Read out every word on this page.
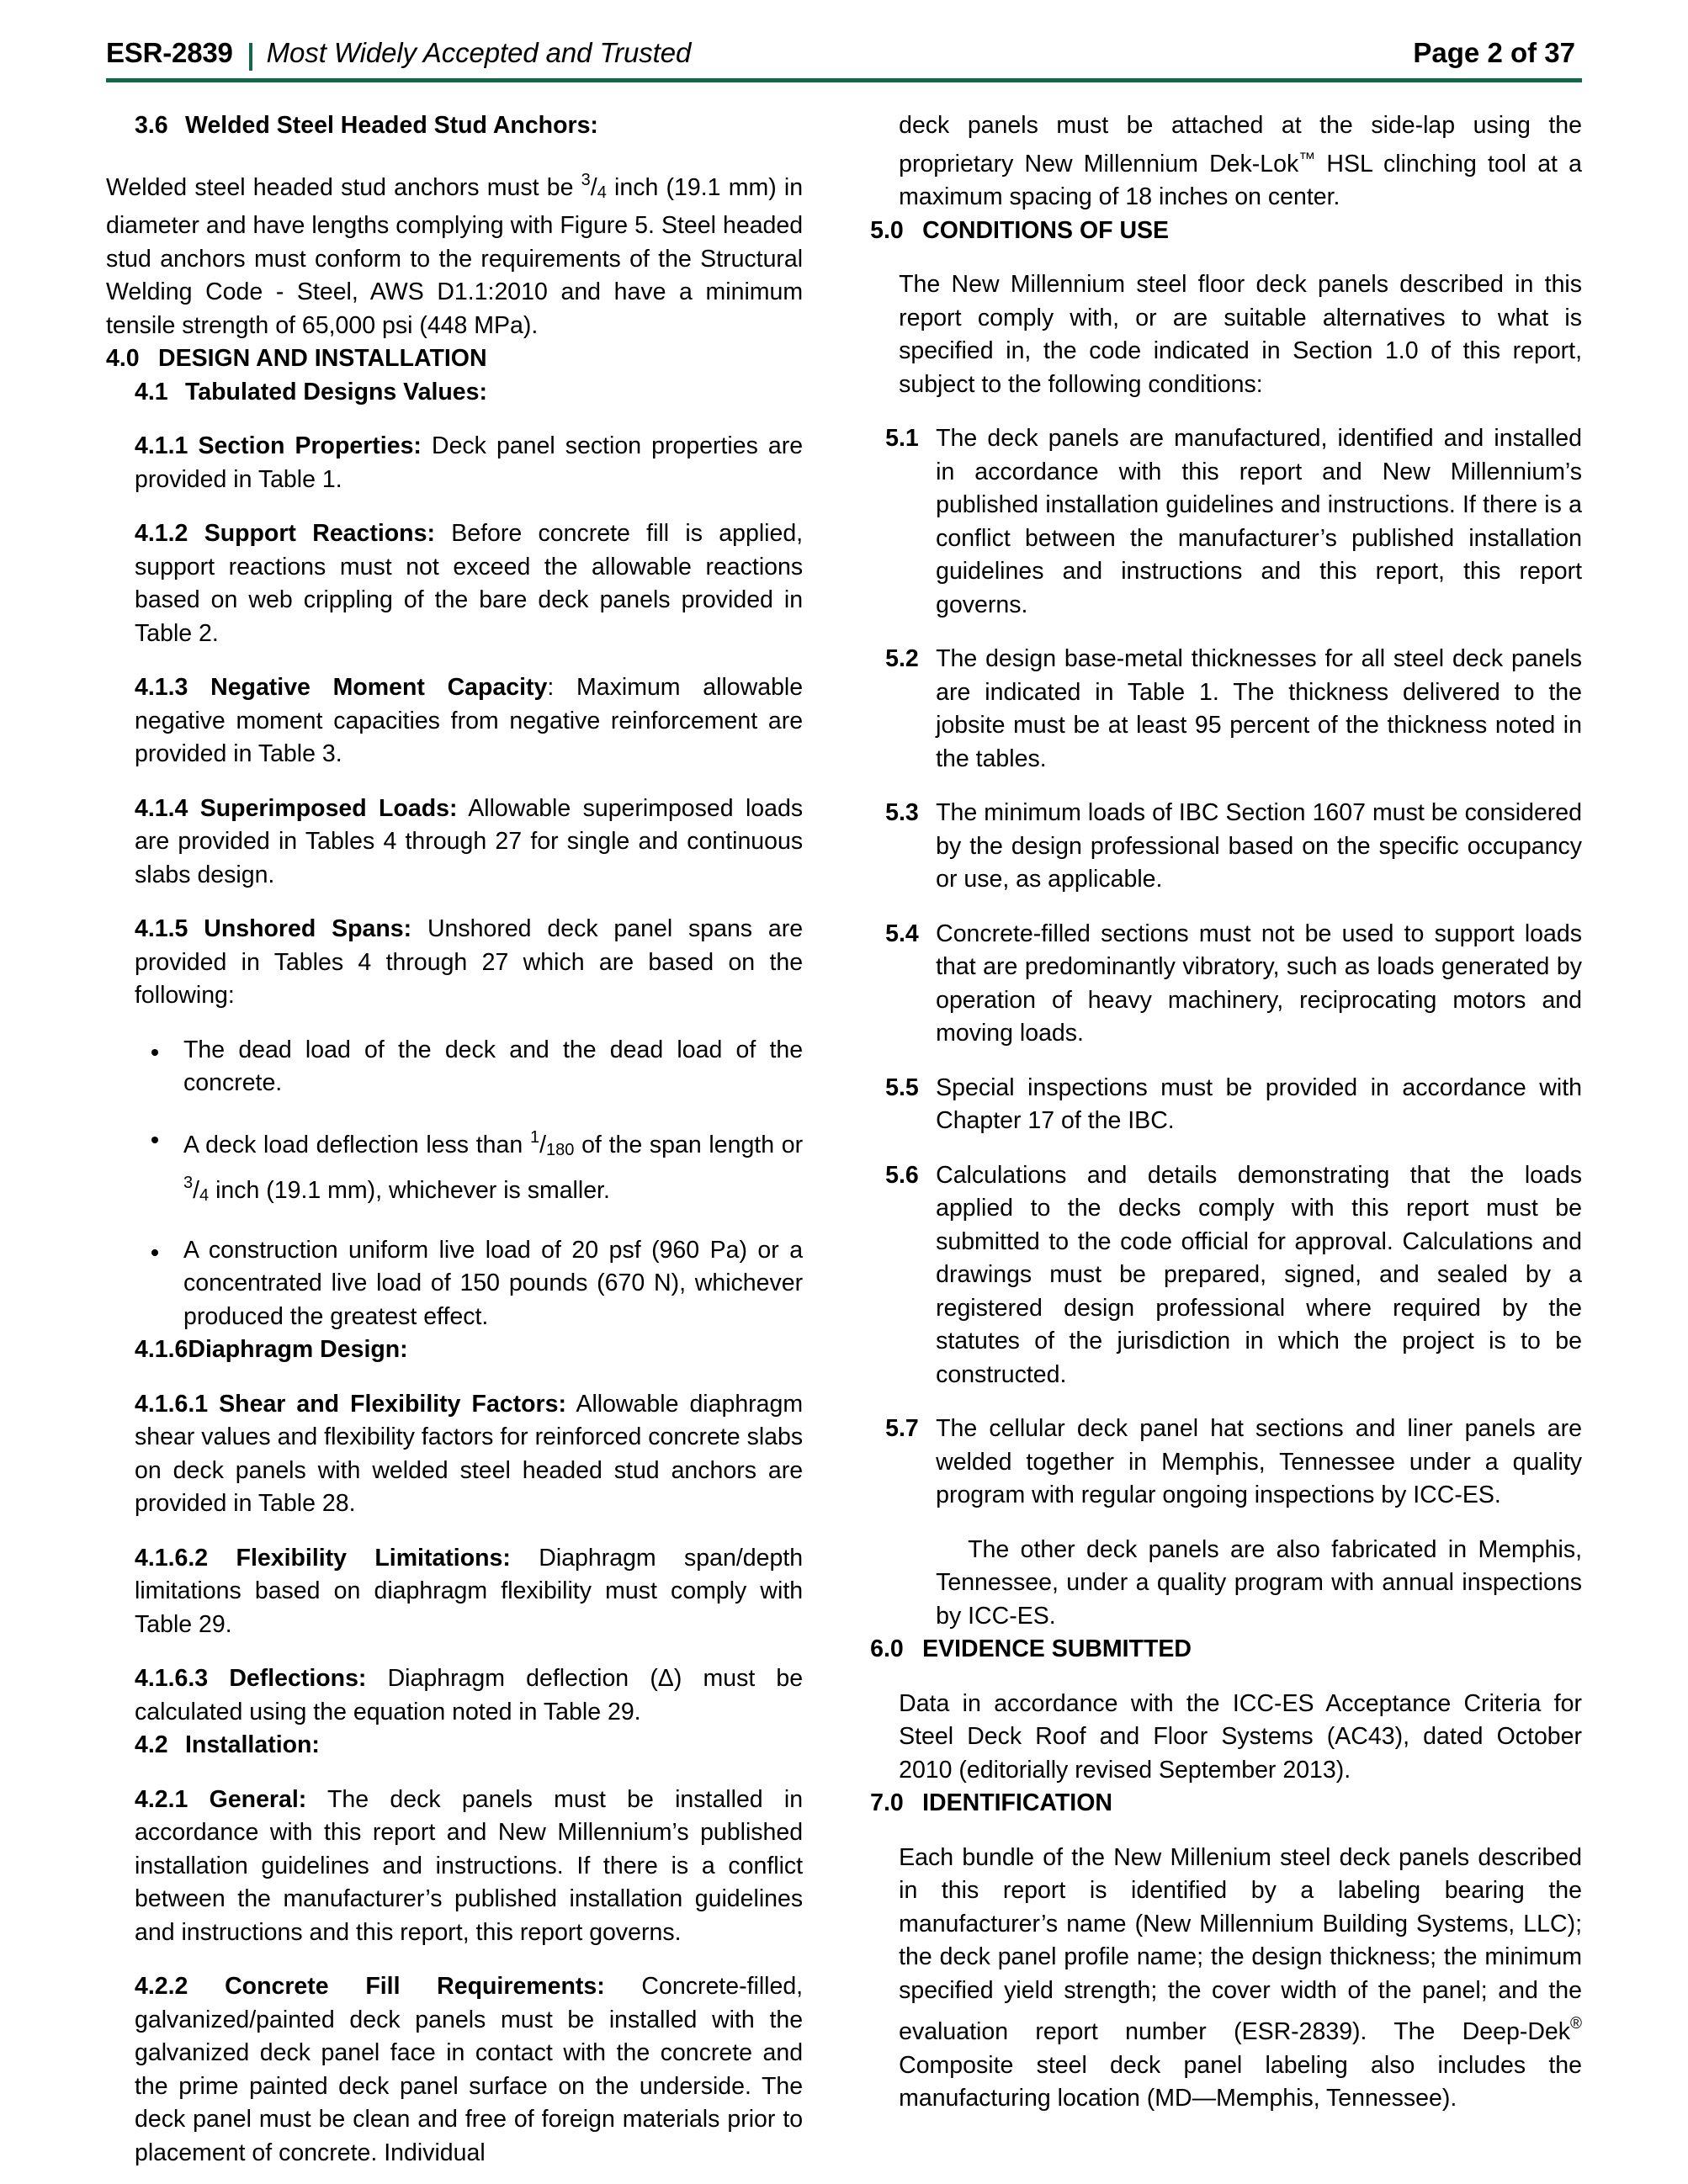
ESR-2839 Most Widely Accepted and Trusted	Page 2 of 37
3.6 Welded Steel Headed Stud Anchors:

Welded steel headed stud anchors must be $^3$/4 inch (19.1 mm) in diameter and have lengths complying with Figure 5. Steel headed stud anchors must conform to the requirements of the Structural Welding Code - Steel, AWS D1.1:2010 and have a minimum tensile strength of 65,000 psi (448 MPa).

4.0 DESIGN AND INSTALLATION
4.1 Tabulated Designs Values:

4.1.1 Section Properties: Deck panel section properties are provided in Table 1.

4.1.2 Support Reactions: Before concrete fill is applied, support reactions must not exceed the allowable reactions based on web crippling of the bare deck panels provided in Table 2.

4.1.3 Negative Moment Capacity: Maximum allowable negative moment capacities from negative reinforcement are provided in Table 3.

4.1.4 Superimposed Loads: Allowable superimposed loads are provided in Tables 4 through 27 for single and continuous slabs design.

4.1.5 Unshored Spans: Unshored deck panel spans are provided in Tables 4 through 27 which are based on the following:

The dead load of the deck and the dead load of the concrete.
A deck load deflection less than $^1$/180 of the span length or $^3$/4 inch (19.1 mm), whichever is smaller.
A construction uniform live load of 20 psf (960 Pa) or a concentrated live load of 150 pounds (670 N), whichever produced the greatest effect.
4.1.6 Diaphragm Design:

4.1.6.1 Shear and Flexibility Factors: Allowable diaphragm shear values and flexibility factors for reinforced concrete slabs on deck panels with welded steel headed stud anchors are provided in Table 28.

4.1.6.2 Flexibility Limitations: Diaphragm span/depth limitations based on diaphragm flexibility must comply with Table 29.

4.1.6.3 Deflections: Diaphragm deflection (Δ) must be calculated using the equation noted in Table 29.

4.2 Installation:

4.2.1 General: The deck panels must be installed in accordance with this report and New Millennium’s published installation guidelines and instructions. If there is a conflict between the manufacturer’s published installation guidelines and instructions and this report, this report governs.

4.2.2 Concrete Fill Requirements: Concrete-filled, galvanized/painted deck panels must be installed with the galvanized deck panel face in contact with the concrete and the prime painted deck panel surface on the underside. The deck panel must be clean and free of foreign materials prior to placement of concrete. Individual

deck panels must be attached at the side-lap using the proprietary New Millennium Dek-Lok™ HSL clinching tool at a maximum spacing of 18 inches on center.

5.0 CONDITIONS OF USE

The New Millennium steel floor deck panels described in this report comply with, or are suitable alternatives to what is specified in, the code indicated in Section 1.0 of this report, subject to the following conditions:

5.1 The deck panels are manufactured, identified and installed in accordance with this report and New Millennium’s published installation guidelines and instructions. If there is a conflict between the manufacturer’s published installation guidelines and instructions and this report, this report governs.
5.2 The design base-metal thicknesses for all steel deck panels are indicated in Table 1. The thickness delivered to the jobsite must be at least 95 percent of the thickness noted in the tables.
5.3 The minimum loads of IBC Section 1607 must be considered by the design professional based on the specific occupancy or use, as applicable.
5.4 Concrete-filled sections must not be used to support loads that are predominantly vibratory, such as loads generated by operation of heavy machinery, reciprocating motors and moving loads.
5.5 Special inspections must be provided in accordance with Chapter 17 of the IBC.
5.6 Calculations and details demonstrating that the loads applied to the decks comply with this report must be submitted to the code official for approval. Calculations and drawings must be prepared, signed, and sealed by a registered design professional where required by the statutes of the jurisdiction in which the project is to be constructed.
5.7 The cellular deck panel hat sections and liner panels are welded together in Memphis, Tennessee under a quality program with regular ongoing inspections by ICC-ES.
The other deck panels are also fabricated in Memphis, Tennessee, under a quality program with annual inspections by ICC-ES.
6.0 EVIDENCE SUBMITTED

Data in accordance with the ICC-ES Acceptance Criteria for Steel Deck Roof and Floor Systems (AC43), dated October 2010 (editorially revised September 2013).

7.0 IDENTIFICATION

Each bundle of the New Millenium steel deck panels described in this report is identified by a labeling bearing the manufacturer’s name (New Millennium Building Systems, LLC); the deck panel profile name; the design thickness; the minimum specified yield strength; the cover width of the panel; and the evaluation report number (ESR-2839). The Deep-Dek® Composite steel deck panel labeling also includes the manufacturing location (MD—Memphis, Tennessee).
